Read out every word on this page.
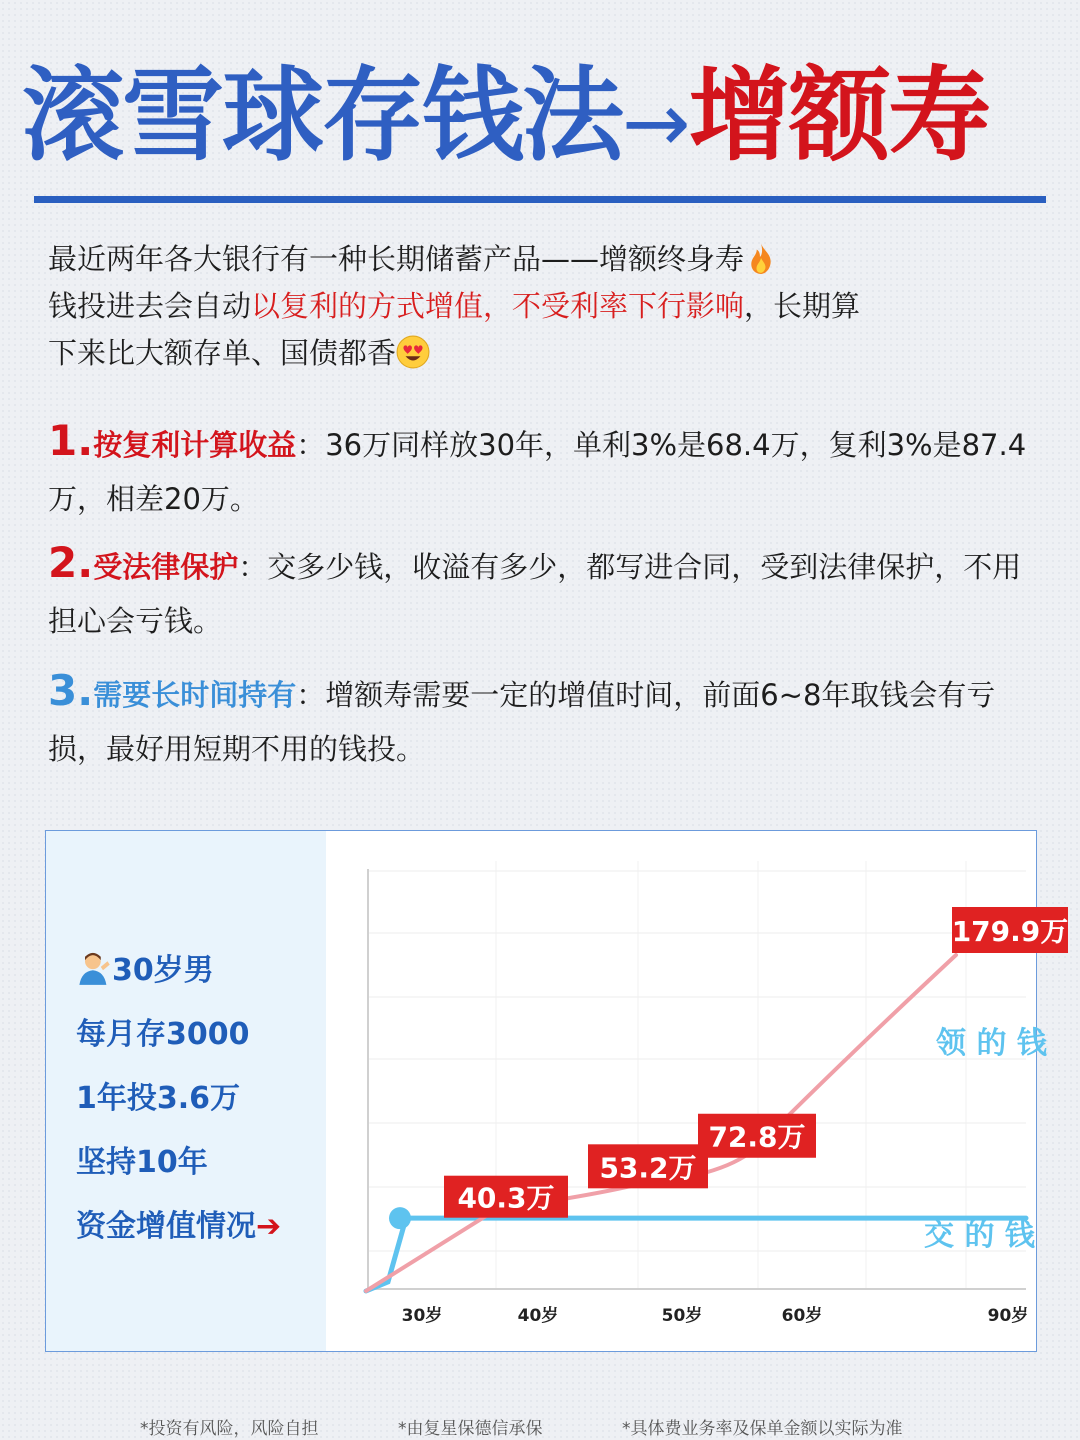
滚雪球存钱法→增额寿
最近两年各大银行有一种长期储蓄产品——增额终身寿
钱投进去会自动以复利的方式增值，不受利率下行影响，长期算
下来比大额存单、国债都香
1.按复利计算收益：36万同样放30年，单利3%是68.4万，复利3%是87.4万，相差20万。
2.受法律保护：交多少钱，收溢有多少，都写进合同，受到法律保护，不用担心会亏钱。
3.需要长时间持有：增额寿需要一定的增值时间，前面6~8年取钱会有亏损，最好用短期不用的钱投。
30岁男
每月存3000
1年投3.6万
坚持10年
资金增值情况➔
40.3万
53.2万
72.8万
179.9万
领 的 钱
交 的 钱
30岁	40岁	50岁	60岁	90岁
*投资有风险，风险自担	*由复星保德信承保	*具体费业务率及保单金额以实际为准
